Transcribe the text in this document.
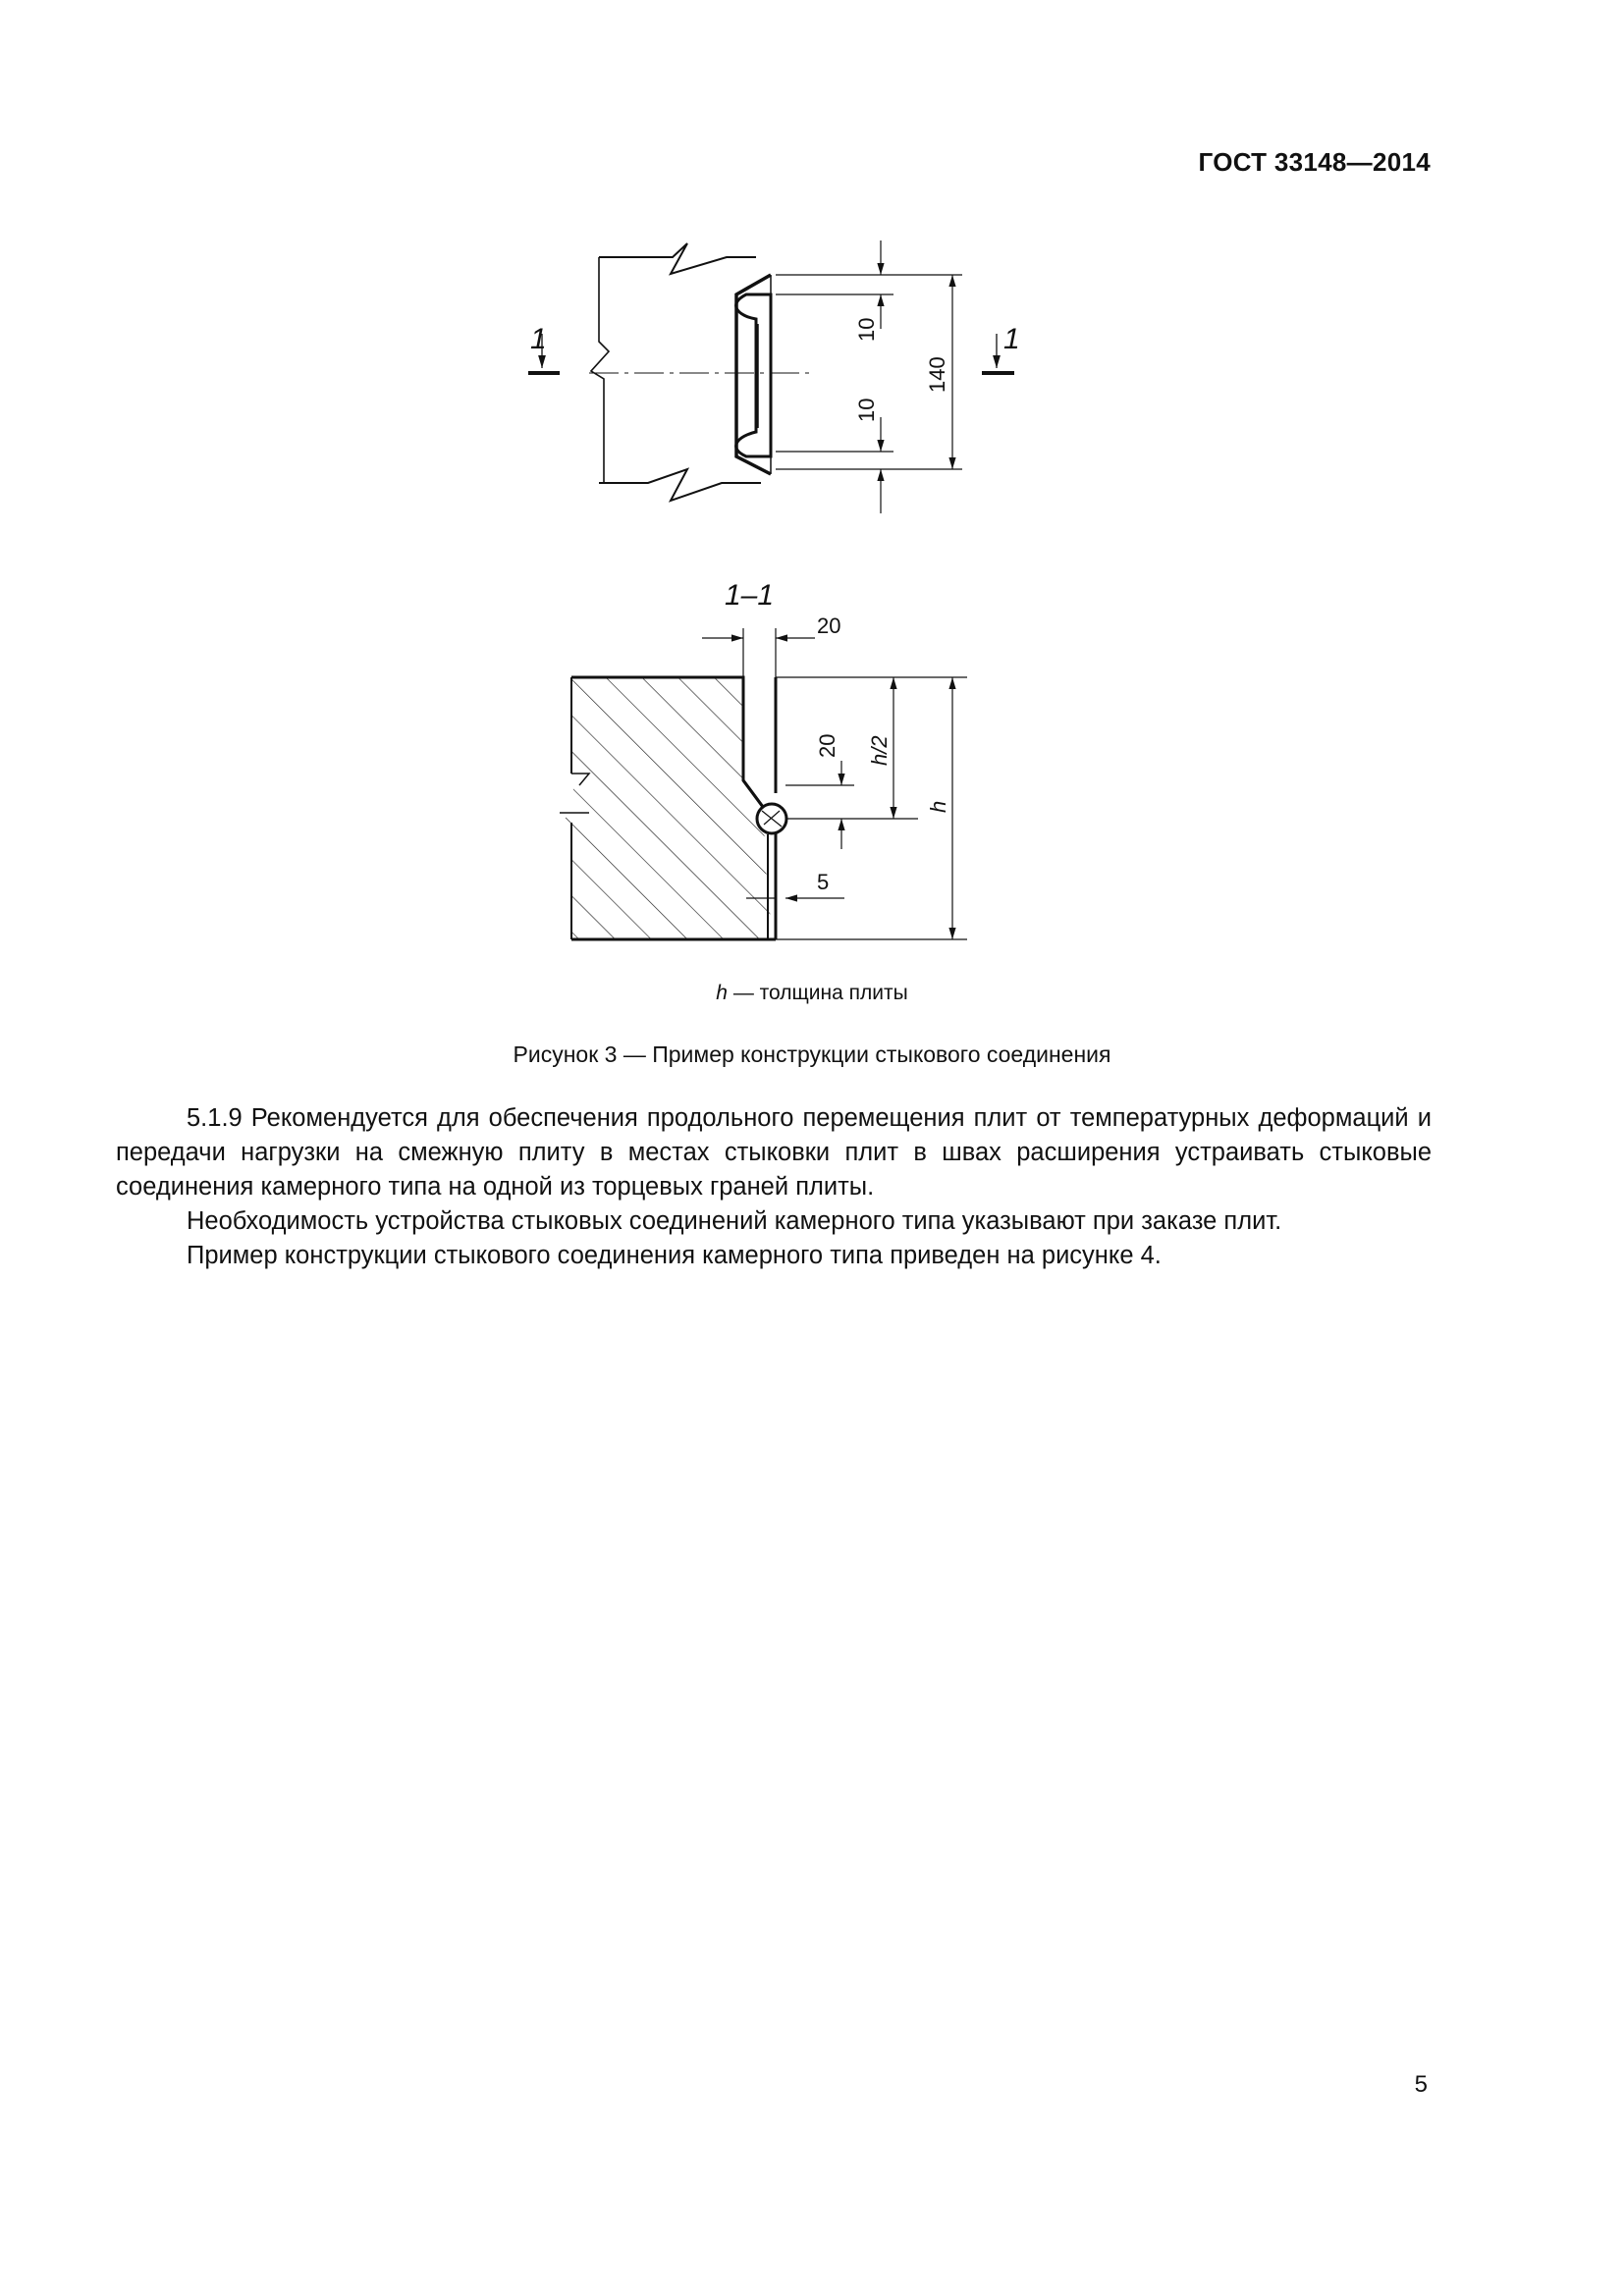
ГОСТ 33148—2014
1	1
10
10
140
1–1
20
20
5
h/2
h
h — толщина плиты
Рисунок 3 — Пример конструкции стыкового соединения

5.1.9 Рекомендуется для обеспечения продольного перемещения плит от температурных деформаций и передачи нагрузки на смежную плиту в местах стыковки плит в швах расширения устраивать стыковые соединения камерного типа на одной из торцевых граней плиты.

Необходимость устройства стыковых соединений камерного типа указывают при заказе плит.

Пример конструкции стыкового соединения камерного типа приведен на рисунке 4.

5
